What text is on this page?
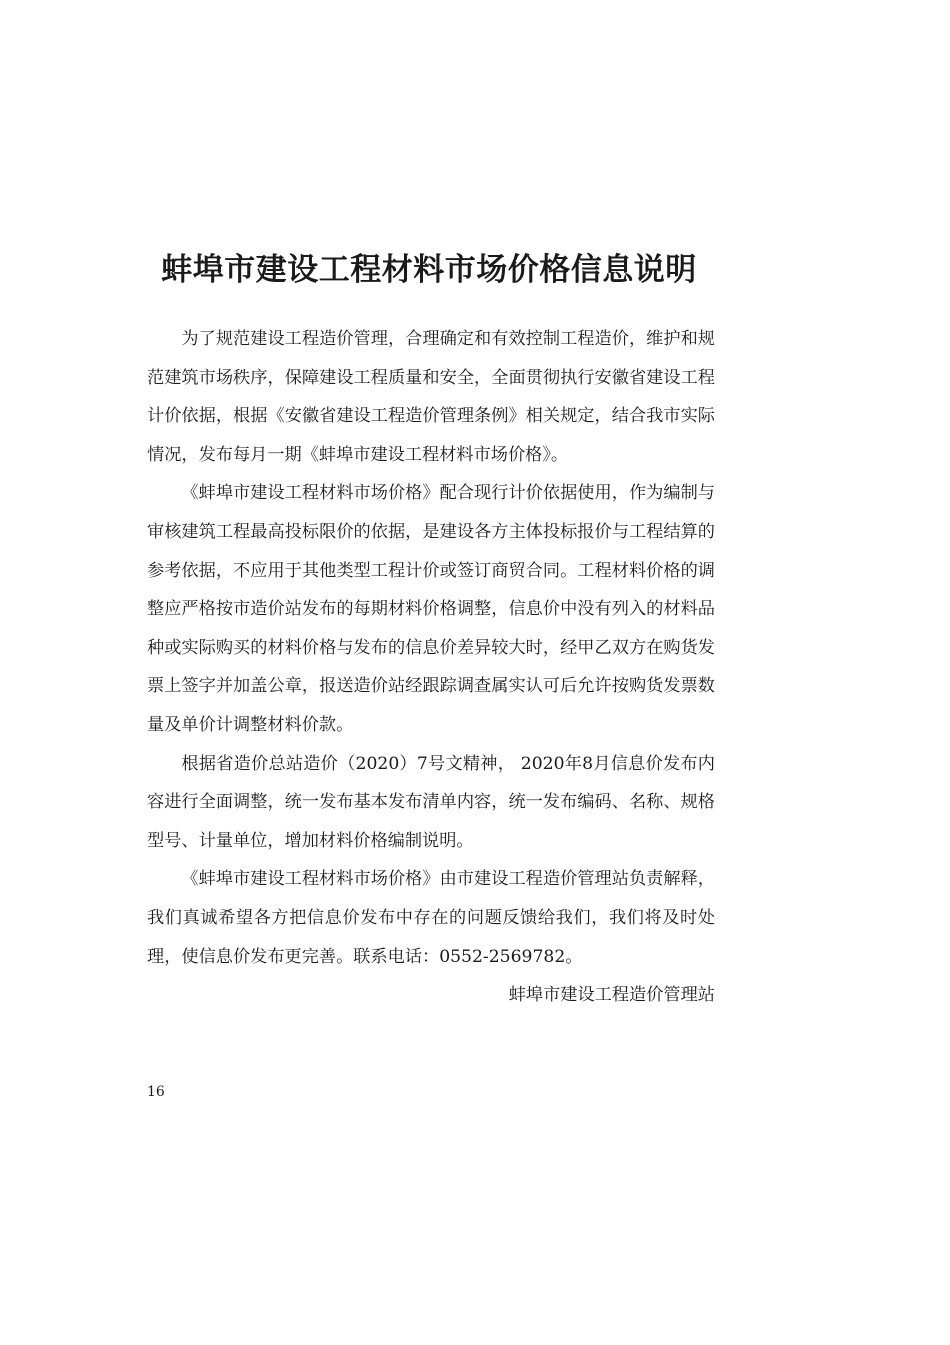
蚌埠市建设工程材料市场价格信息说明

为了规范建设工程造价管理，合理确定和有效控制工程造价，维护和规范建筑市场秩序，保障建设工程质量和安全，全面贯彻执行安徽省建设工程计价依据，根据《安徽省建设工程造价管理条例》相关规定，结合我市实际情况，发布每月一期《蚌埠市建设工程材料市场价格》。

《蚌埠市建设工程材料市场价格》配合现行计价依据使用，作为编制与审核建筑工程最高投标限价的依据，是建设各方主体投标报价与工程结算的参考依据，不应用于其他类型工程计价或签订商贸合同。工程材料价格的调整应严格按市造价站发布的每期材料价格调整，信息价中没有列入的材料品种或实际购买的材料价格与发布的信息价差异较大时，经甲乙双方在购货发票上签字并加盖公章，报送造价站经跟踪调查属实认可后允许按购货发票数量及单价计调整材料价款。

根据省造价总站造价（2020）7号文精神， 2020年8月信息价发布内容进行全面调整，统一发布基本发布清单内容，统一发布编码、名称、规格型号、计量单位，增加材料价格编制说明。

《蚌埠市建设工程材料市场价格》由市建设工程造价管理站负责解释，我们真诚希望各方把信息价发布中存在的问题反馈给我们，我们将及时处理，使信息价发布更完善。联系电话：0552-2569782。

蚌埠市建设工程造价管理站

16
